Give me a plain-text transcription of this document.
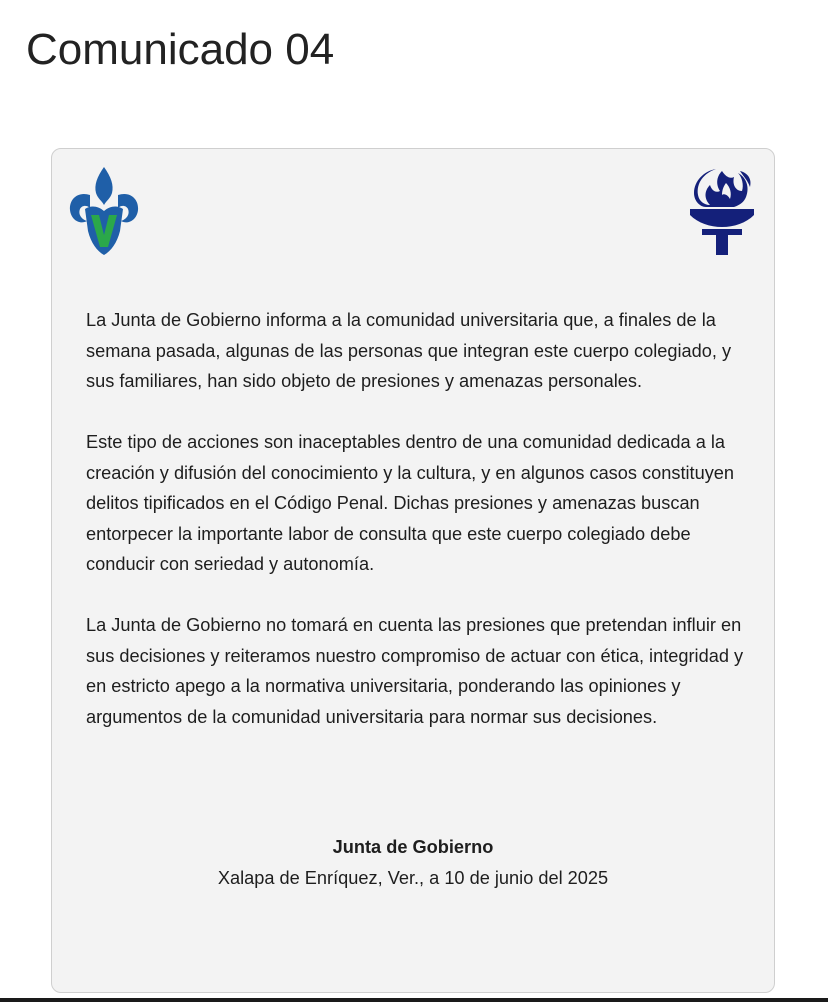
Comunicado 04

La Junta de Gobierno informa a la comunidad universitaria que, a finales de la semana pasada, algunas de las personas que integran este cuerpo colegiado, y sus familiares, han sido objeto de presiones y amenazas personales.

Este tipo de acciones son inaceptables dentro de una comunidad dedicada a la creación y difusión del conocimiento y la cultura, y en algunos casos constituyen delitos tipificados en el Código Penal. Dichas presiones y amenazas buscan entorpecer la importante labor de consulta que este cuerpo colegiado debe conducir con seriedad y autonomía.

La Junta de Gobierno no tomará en cuenta las presiones que pretendan influir en sus decisiones y reiteramos nuestro compromiso de actuar con ética, integridad y en estricto apego a la normativa universitaria, ponderando las opiniones y argumentos de la comunidad universitaria para normar sus decisiones.

Junta de Gobierno
Xalapa de Enríquez, Ver., a 10 de junio del 2025
